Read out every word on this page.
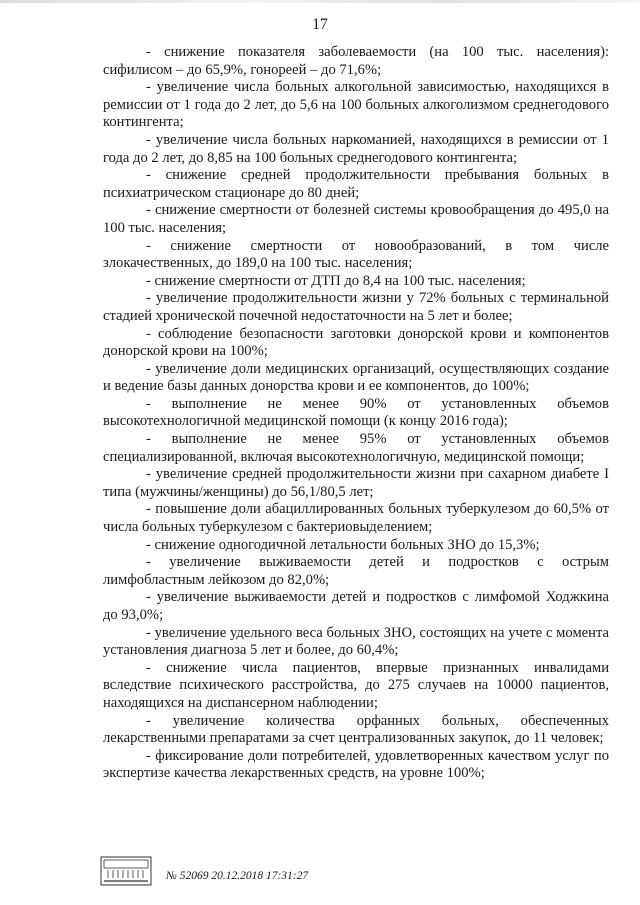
17

- снижение показателя заболеваемости (на 100 тыс. населения): сифилисом – до 65,9%, гонореей – до 71,6%;

- увеличение числа больных алкогольной зависимостью, находящихся в ремиссии от 1 года до 2 лет, до 5,6 на 100 больных алкоголизмом среднегодового контингента;

- увеличение числа больных наркоманией, находящихся в ремиссии от 1 года до 2 лет, до 8,85 на 100 больных среднегодового контингента;

- снижение средней продолжительности пребывания больных в психиатрическом стационаре до 80 дней;

- снижение смертности от болезней системы кровообращения до 495,0 на 100 тыс. населения;

- снижение смертности от новообразований, в том числе злокачественных, до 189,0 на 100 тыс. населения;

- снижение смертности от ДТП до 8,4 на 100 тыс. населения;

- увеличение продолжительности жизни у 72% больных с терминальной стадией хронической почечной недостаточности на 5 лет и более;

- соблюдение безопасности заготовки донорской крови и компонентов донорской крови на 100%;

- увеличение доли медицинских организаций, осуществляющих создание и ведение базы данных донорства крови и ее компонентов, до 100%;

- выполнение не менее 90% от установленных объемов высокотехнологичной медицинской помощи (к концу 2016 года);

- выполнение не менее 95% от установленных объемов специализированной, включая высокотехнологичную, медицинской помощи;

- увеличение средней продолжительности жизни при сахарном диабете I типа (мужчины/женщины) до 56,1/80,5 лет;

- повышение доли абациллированных больных туберкулезом до 60,5% от числа больных туберкулезом с бактериовыделением;

- снижение одногодичной летальности больных ЗНО до 15,3%;

- увеличение выживаемости детей и подростков с острым лимфобластным лейкозом до 82,0%;

- увеличение выживаемости детей и подростков с лимфомой Ходжкина до 93,0%;

- увеличение удельного веса больных ЗНО, состоящих на учете с момента установления диагноза 5 лет и более, до 60,4%;

- снижение числа пациентов, впервые признанных инвалидами вследствие психического расстройства, до 275 случаев на 10000 пациентов, находящихся на диспансерном наблюдении;

- увеличение количества орфанных больных, обеспеченных лекарственными препаратами за счет централизованных закупок, до 11 человек;

- фиксирование доли потребителей, удовлетворенных качеством услуг по экспертизе качества лекарственных средств, на уровне 100%;

№ 52069 20.12.2018 17:31:27
